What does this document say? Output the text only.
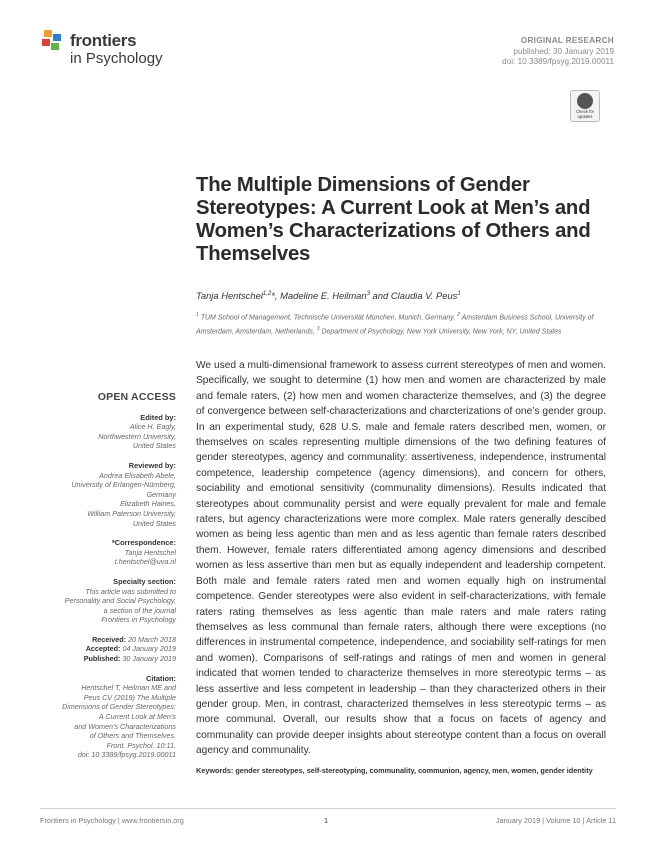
frontiers
in Psychology
ORIGINAL RESEARCH
published: 30 January 2019
doi: 10.3389/fpsyg.2019.00011
Check for updates
The Multiple Dimensions of Gender Stereotypes: A Current Look at Men’s and Women’s Characterizations of Others and Themselves
Tanja Hentschel$^{1,2}$*, Madeline E. Heilman$^3$ and Claudia V. Peus$^1$
$^1$ TUM School of Management, Technische Universität München, Munich, Germany, $^2$ Amsterdam Business School, University of Amsterdam, Amsterdam, Netherlands, $^3$ Department of Psychology, New York University, New York, NY, United States
We used a multi-dimensional framework to assess current stereotypes of men and women. Specifically, we sought to determine (1) how men and women are characterized by male and female raters, (2) how men and women characterize themselves, and (3) the degree of convergence between self-characterizations and charcterizations of one’s gender group. In an experimental study, 628 U.S. male and female raters described men, women, or themselves on scales representing multiple dimensions of the two defining features of gender stereotypes, agency and communality: assertiveness, independence, instrumental competence, leadership competence (agency dimensions), and concern for others, sociability and emotional sensitivity (communality dimensions). Results indicated that stereotypes about communality persist and were equally prevalent for male and female raters, but agency characterizations were more complex. Male raters generally descibed women as being less agentic than men and as less agentic than female raters described them. However, female raters differentiated among agency dimensions and described women as less assertive than men but as equally independent and leadership competent. Both male and female raters rated men and women equally high on instrumental competence. Gender stereotypes were also evident in self-characterizations, with female raters rating themselves as less agentic than male raters and male raters rating themselves as less communal than female raters, although there were exceptions (no differences in instrumental competence, independence, and sociability self-ratings for men and women). Comparisons of self-ratings and ratings of men and women in general indicated that women tended to characterize themselves in more stereotypic terms – as less assertive and less competent in leadership – than they characterized others in their gender group. Men, in contrast, characterized themselves in less stereotypic terms – as more communal. Overall, our results show that a focus on facets of agency and communality can provide deeper insights about stereotype content than a focus on overall agency and communality.
Keywords: gender stereotypes, self-stereotyping, communality, communion, agency, men, women, gender identity
OPEN ACCESS
Edited by:
Alice H. Eagly,
Northwestern University,
United States
Reviewed by:
Andrea Elisabeth Abele,
University of Erlangen-Nürnberg,
Germany
Elizabeth Haines,
William Paterson University,
United States
*Correspondence:
Tanja Hentschel
t.hentschel@uva.nl
Specialty section:
This article was submitted to
Personality and Social Psychology,
a section of the journal
Frontiers in Psychology
Received: 20 March 2018
Accepted: 04 January 2019
Published: 30 January 2019
Citation:
Hentschel T, Heilman ME and
Peus CV (2019) The Multiple
Dimensions of Gender Stereotypes:
A Current Look at Men’s
and Women’s Characterizations
of Others and Themselves.
Front. Psychol. 10:11.
doi: 10.3389/fpsyg.2019.00011
Frontiers in Psychology | www.frontiersin.org	1	January 2019 | Volume 10 | Article 11
